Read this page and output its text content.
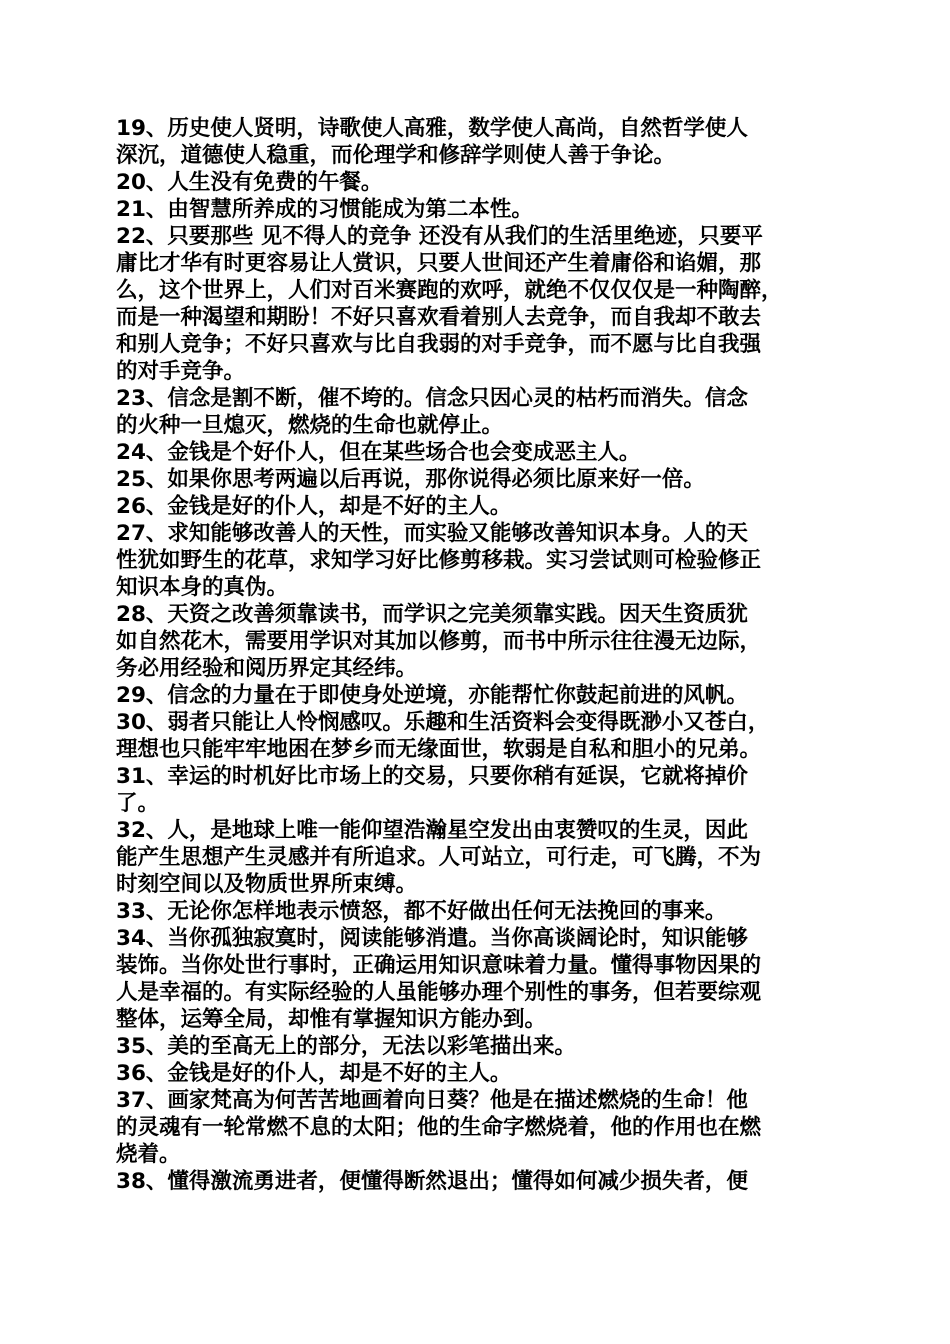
19、历史使人贤明，诗歌使人高雅，数学使人高尚，自然哲学使人
深沉，道德使人稳重，而伦理学和修辞学则使人善于争论。
20、人生没有免费的午餐。
21、由智慧所养成的习惯能成为第二本性。
22、只要那些 见不得人的竞争 还没有从我们的生活里绝迹，只要平
庸比才华有时更容易让人赏识，只要人世间还产生着庸俗和谄媚，那
么，这个世界上，人们对百米赛跑的欢呼，就绝不仅仅仅是一种陶醉，
而是一种渴望和期盼！不好只喜欢看着别人去竞争，而自我却不敢去
和别人竞争；不好只喜欢与比自我弱的对手竞争，而不愿与比自我强
的对手竞争。
23、信念是割不断，催不垮的。信念只因心灵的枯朽而消失。信念
的火种一旦熄灭，燃烧的生命也就停止。
24、金钱是个好仆人，但在某些场合也会变成恶主人。
25、如果你思考两遍以后再说，那你说得必须比原来好一倍。
26、金钱是好的仆人，却是不好的主人。
27、求知能够改善人的天性，而实验又能够改善知识本身。人的天
性犹如野生的花草，求知学习好比修剪移栽。实习尝试则可检验修正
知识本身的真伪。
28、天资之改善须靠读书，而学识之完美须靠实践。因天生资质犹
如自然花木，需要用学识对其加以修剪，而书中所示往往漫无边际，
务必用经验和阅历界定其经纬。
29、信念的力量在于即使身处逆境，亦能帮忙你鼓起前进的风帆。
30、弱者只能让人怜悯感叹。乐趣和生活资料会变得既渺小又苍白，
理想也只能牢牢地困在梦乡而无缘面世，软弱是自私和胆小的兄弟。
31、幸运的时机好比市场上的交易，只要你稍有延误，它就将掉价
了。
32、人，是地球上唯一能仰望浩瀚星空发出由衷赞叹的生灵，因此
能产生思想产生灵感并有所追求。人可站立，可行走，可飞腾，不为
时刻空间以及物质世界所束缚。
33、无论你怎样地表示愤怒，都不好做出任何无法挽回的事来。
34、当你孤独寂寞时，阅读能够消遣。当你高谈阔论时，知识能够
装饰。当你处世行事时，正确运用知识意味着力量。懂得事物因果的
人是幸福的。有实际经验的人虽能够办理个别性的事务，但若要综观
整体，运筹全局，却惟有掌握知识方能办到。
35、美的至高无上的部分，无法以彩笔描出来。
36、金钱是好的仆人，却是不好的主人。
37、画家梵高为何苦苦地画着向日葵？他是在描述燃烧的生命！他
的灵魂有一轮常燃不息的太阳；他的生命字燃烧着，他的作用也在燃
烧着。
38、懂得激流勇进者，便懂得断然退出；懂得如何减少损失者，便
